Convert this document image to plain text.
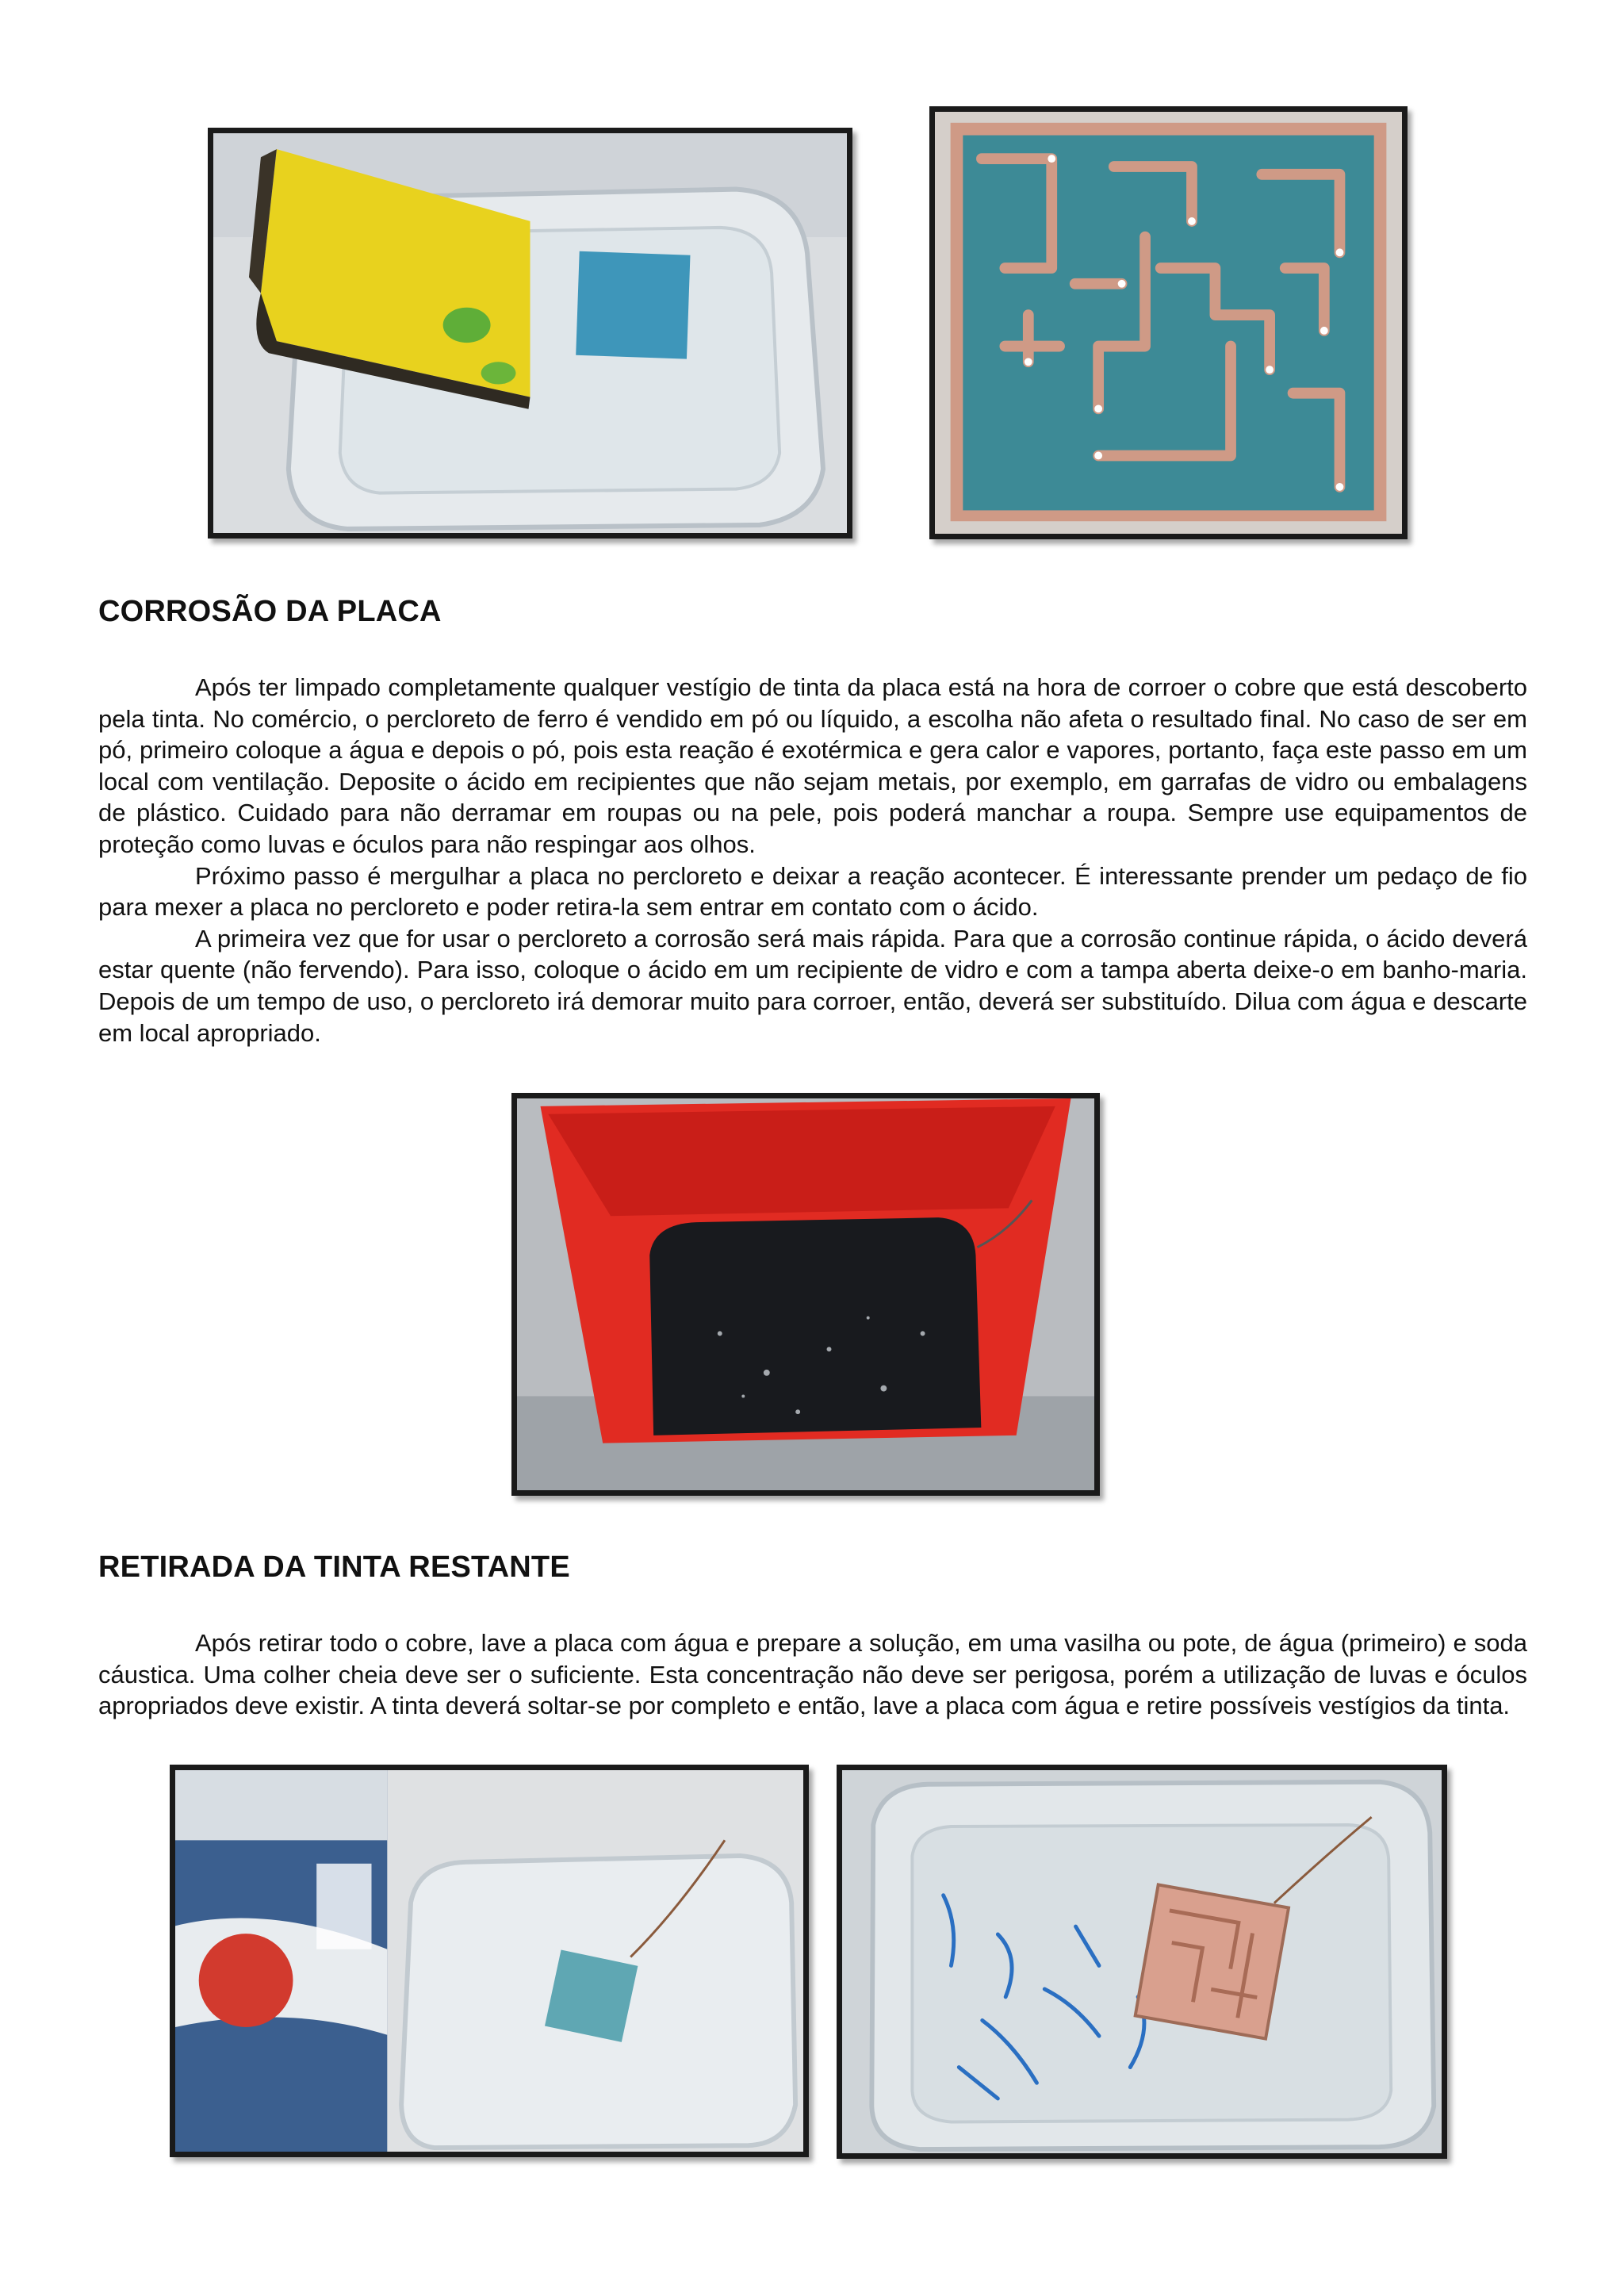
CORROSÃO DA PLACA

Após ter limpado completamente qualquer vestígio de tinta da placa está na hora de corroer o cobre que está descoberto pela tinta. No comércio, o percloreto de ferro é vendido em pó ou líquido, a escolha não afeta o resultado final. No caso de ser em pó, primeiro coloque a água e depois o pó, pois esta reação é exotérmica e gera calor e vapores, portanto, faça este passo em um local com ventilação. Deposite o ácido em recipientes que não sejam metais, por exemplo, em garrafas de vidro ou embalagens de plástico. Cuidado para não derramar em roupas ou na pele, pois poderá manchar a roupa. Sempre use equipamentos de proteção como luvas e óculos para não respingar aos olhos.

Próximo passo é mergulhar a placa no percloreto e deixar a reação acontecer. É interessante prender um pedaço de fio para mexer a placa no percloreto e poder retira-la sem entrar em contato com o ácido.

A primeira vez que for usar o percloreto a corrosão será mais rápida. Para que a corrosão continue rápida, o ácido deverá estar quente (não fervendo). Para isso, coloque o ácido em um recipiente de vidro e com a tampa aberta deixe-o em banho-maria. Depois de um tempo de uso, o percloreto irá demorar muito para corroer, então, deverá ser substituído. Dilua com água e descarte em local apropriado.

RETIRADA DA TINTA RESTANTE

Após retirar todo o cobre, lave a placa com água e prepare a solução, em uma vasilha ou pote, de água (primeiro) e soda cáustica. Uma colher cheia deve ser o suficiente. Esta concentração não deve ser perigosa, porém a utilização de luvas e óculos apropriados deve existir. A tinta deverá soltar-se por completo e então, lave a placa com água e retire possíveis vestígios da tinta.
